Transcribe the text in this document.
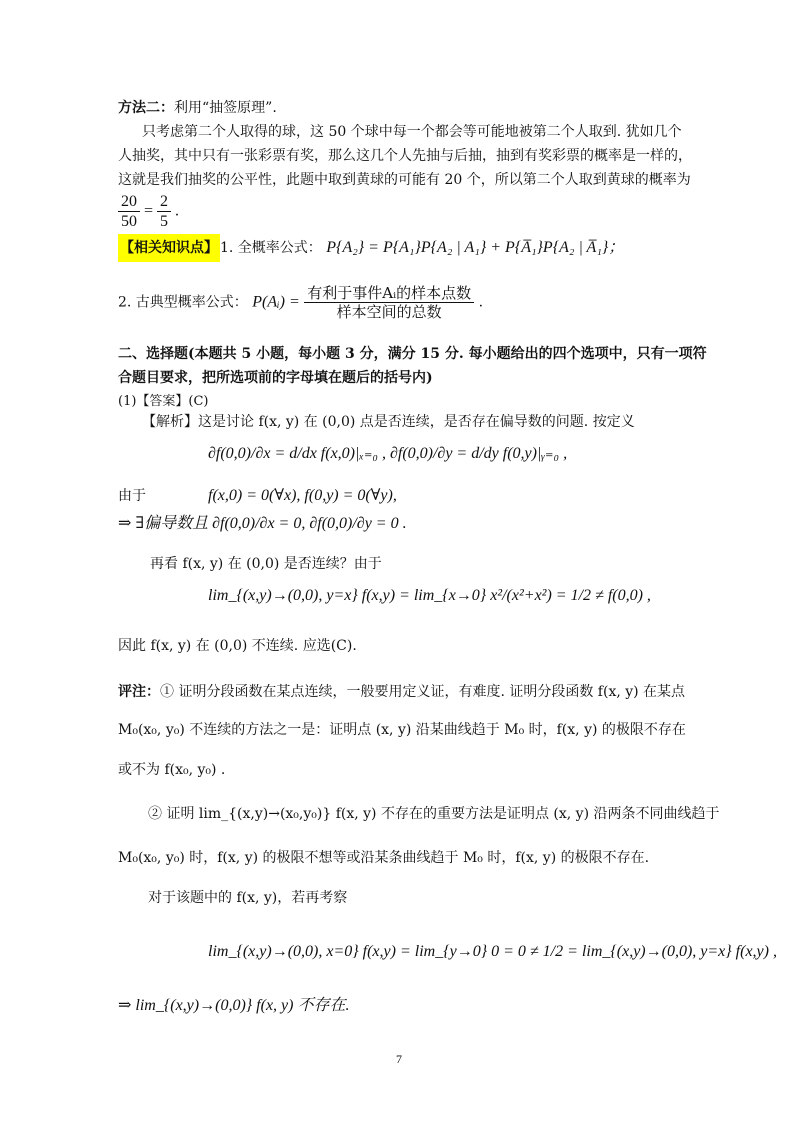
方法二：利用“抽签原理”.
只考虑第二个人取得的球，这 50 个球中每一个都会等可能地被第二个人取到. 犹如几个
人抽奖，其中只有一张彩票有奖，那么这几个人先抽与后抽，抽到有奖彩票的概率是一样的，
这就是我们抽奖的公平性，此题中取到黄球的可能有 20 个，所以第二个人取到黄球的概率为
$\frac{20}{50} = \frac{2}{5}$ .
【相关知识点】 1. 全概率公式： P{A₂} = P{A₁}P{A₂ | A₁} + P{A̅₁}P{A₂ | A̅₁}；
2. 古典型概率公式： P(Aᵢ) = $\frac{\text{有利于事件Aᵢ的样本点数}}{\text{样本空间的总数}}$ .
二、选择题(本题共 5 小题，每小题 3 分，满分 15 分. 每小题给出的四个选项中，只有一项符
合题目要求，把所选项前的字母填在题后的括号内)
(1)【答案】(C)
【解析】这是讨论 f(x, y) 在 (0,0) 点是否连续，是否存在偏导数的问题. 按定义
∂f(0,0)/∂x = d/dx f(x,0)|ₓ₌₀ , ∂f(0,0)/∂y = d/dy f(0,y)|ᵧ₌₀ ,
由于	f(x,0) = 0(∀x), f(0,y) = 0(∀y),
⇒ ∃偏导数且 ∂f(0,0)/∂x = 0, ∂f(0,0)/∂y = 0 .
再看 f(x, y) 在 (0,0) 是否连续？由于
lim_{(x,y)→(0,0), y=x} f(x,y) = lim_{x→0} x²/(x²+x²) = 1/2 ≠ f(0,0) ,
因此 f(x, y) 在 (0,0) 不连续. 应选(C).
评注：① 证明分段函数在某点连续，一般要用定义证，有难度. 证明分段函数 f(x, y) 在某点
M₀(x₀, y₀) 不连续的方法之一是：证明点 (x, y) 沿某曲线趋于 M₀ 时，f(x, y) 的极限不存在
或不为 f(x₀, y₀) .
② 证明 lim_{(x,y)→(x₀,y₀)} f(x, y) 不存在的重要方法是证明点 (x, y) 沿两条不同曲线趋于
M₀(x₀, y₀) 时，f(x, y) 的极限不想等或沿某条曲线趋于 M₀ 时，f(x, y) 的极限不存在.
对于该题中的 f(x, y)，若再考察
lim_{(x,y)→(0,0), x=0} f(x,y) = lim_{y→0} 0 = 0 ≠ 1/2 = lim_{(x,y)→(0,0), y=x} f(x,y) ,
⇒ lim_{(x,y)→(0,0)} f(x, y) 不存在.
7
